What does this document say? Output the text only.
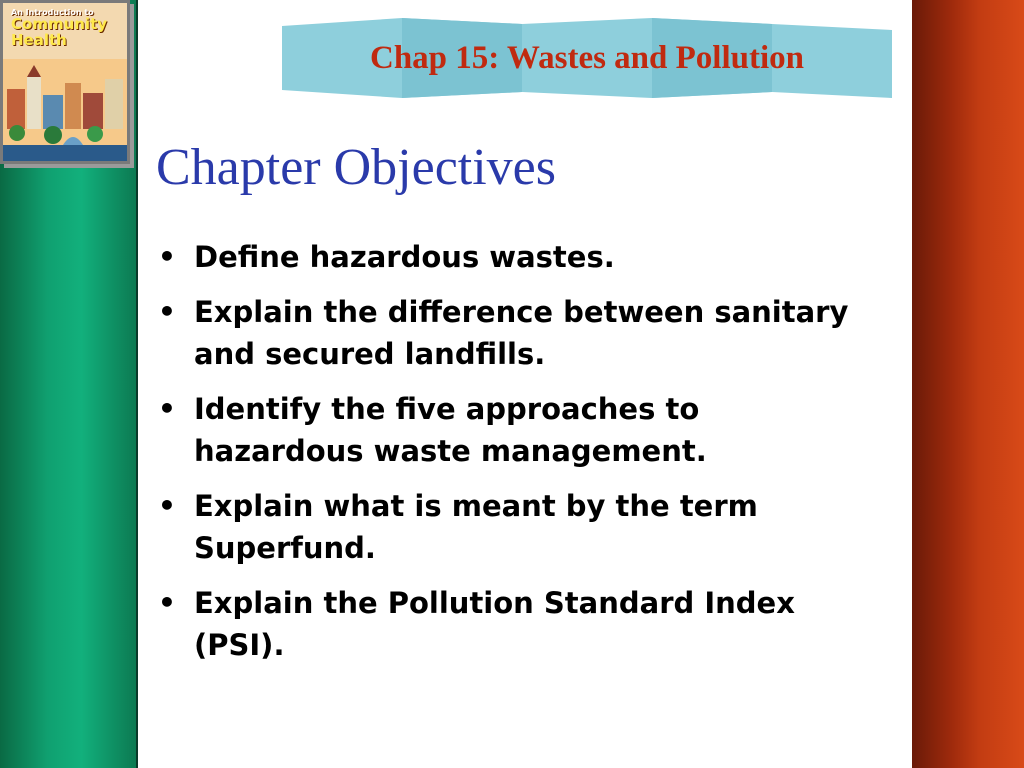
An Introduction to
Community
Health	Chap 15: Wastes and Pollution
Chapter Objectives
• Define hazardous wastes.
• Explain the difference between sanitary and secured landfills.
• Identify the five approaches to hazardous waste management.
• Explain what is meant by the term Superfund.
• Explain the Pollution Standard Index (PSI).
